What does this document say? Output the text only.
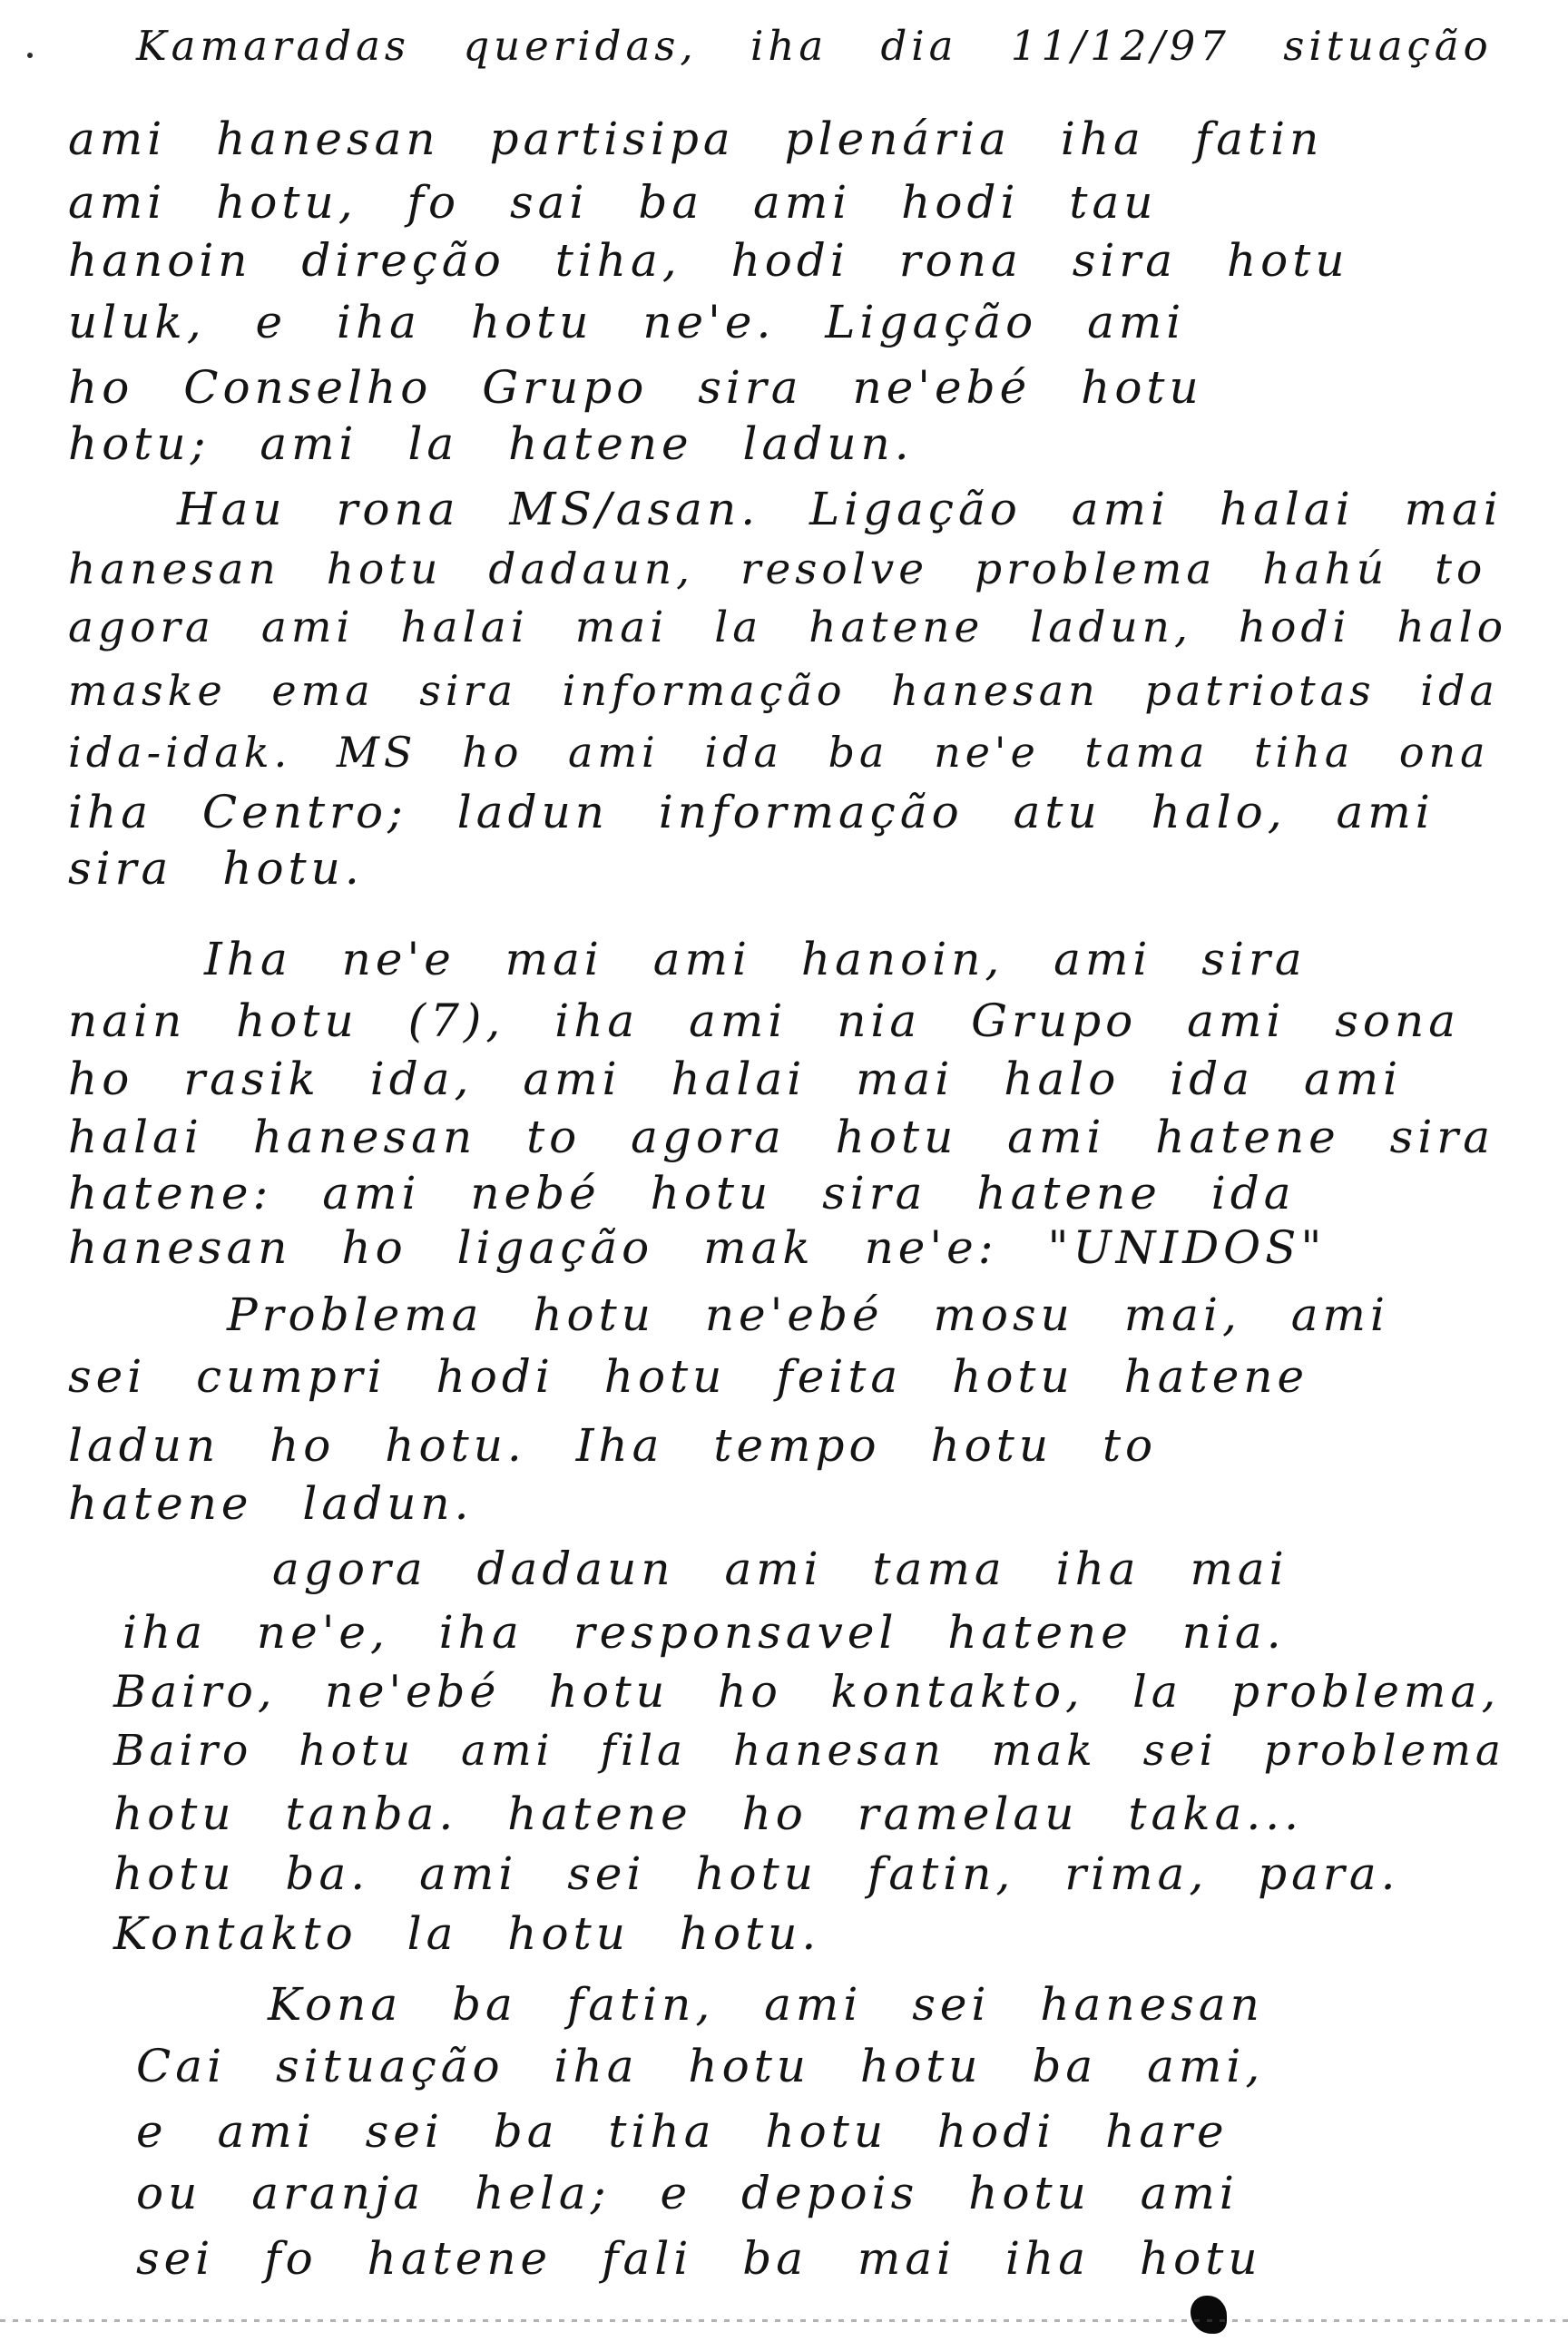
Kamaradas queridas, iha dia 11/12/97 situação
ami hanesan partisipa plenária iha fatin
ami hotu, fo sai ba ami hodi tau
hanoin direção tiha, hodi rona sira hotu
uluk, e iha hotu ne'e. Ligação ami
ho Conselho Grupo sira ne'ebé hotu
hotu; ami la hatene ladun.
Hau rona MS/asan. Ligação ami halai mai
hanesan hotu dadaun, resolve problema hahú to
agora ami halai mai la hatene ladun, hodi halo
maske ema sira informação hanesan patriotas ida
ida-idak. MS ho ami ida ba ne'e tama tiha ona
iha Centro; ladun informação atu halo, ami
sira hotu.
Iha ne'e mai ami hanoin, ami sira
nain hotu (7), iha ami nia Grupo ami sona
ho rasik ida, ami halai mai halo ida ami
halai hanesan to agora hotu ami hatene sira
hatene: ami nebé hotu sira hatene ida
hanesan ho ligação mak ne'e: "UNIDOS"
Problema hotu ne'ebé mosu mai, ami
sei cumpri hodi hotu feita hotu hatene
ladun ho hotu. Iha tempo hotu to
hatene ladun.
agora dadaun ami tama iha mai
iha ne'e, iha responsavel hatene nia.
Bairo, ne'ebé hotu ho kontakto, la problema,
Bairo hotu ami fila hanesan mak sei problema
hotu tanba. hatene ho ramelau taka...
hotu ba. ami sei hotu fatin, rima, para.
Kontakto la hotu hotu.
Kona ba fatin, ami sei hanesan
Cai situação iha hotu hotu ba ami,
e ami sei ba tiha hotu hodi hare
ou aranja hela; e depois hotu ami
sei fo hatene fali ba mai iha hotu
